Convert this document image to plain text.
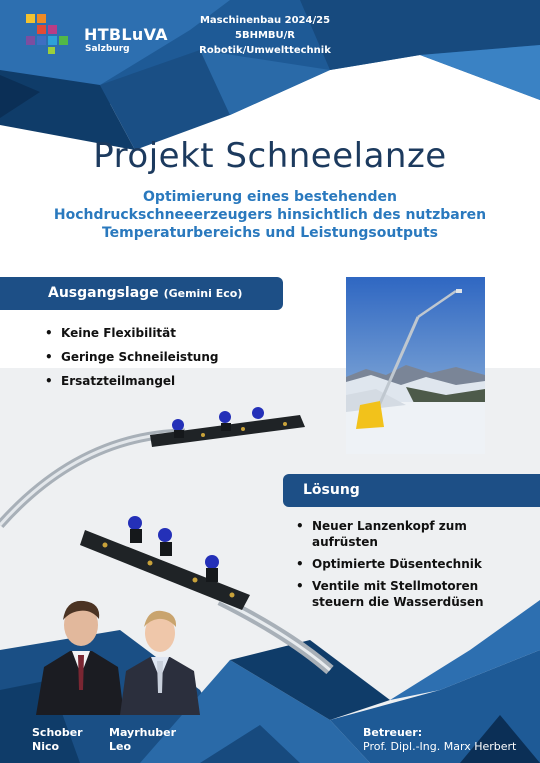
HTBLuVA
Salzburg
Maschinenbau 2024/25
5BHMBU/R
Robotik/Umwelttechnik
Projekt Schneelanze
Optimierung eines bestehenden
Hochdruckschneeerzeugers hinsichtlich des nutzbaren
Temperaturbereichs und Leistungsoutputs
Ausgangslage (Gemini Eco)
• Keine Flexibilität
• Geringe Schneileistung
• Ersatzteilmangel
Lösung
• Neuer Lanzenkopf zum aufrüsten
• Optimierte Düsentechnik
• Ventile mit Stellmotoren steuern die Wasserdüsen
Schober
Nico
Mayrhuber
Leo
Betreuer:
Prof. Dipl.-Ing. Marx Herbert
